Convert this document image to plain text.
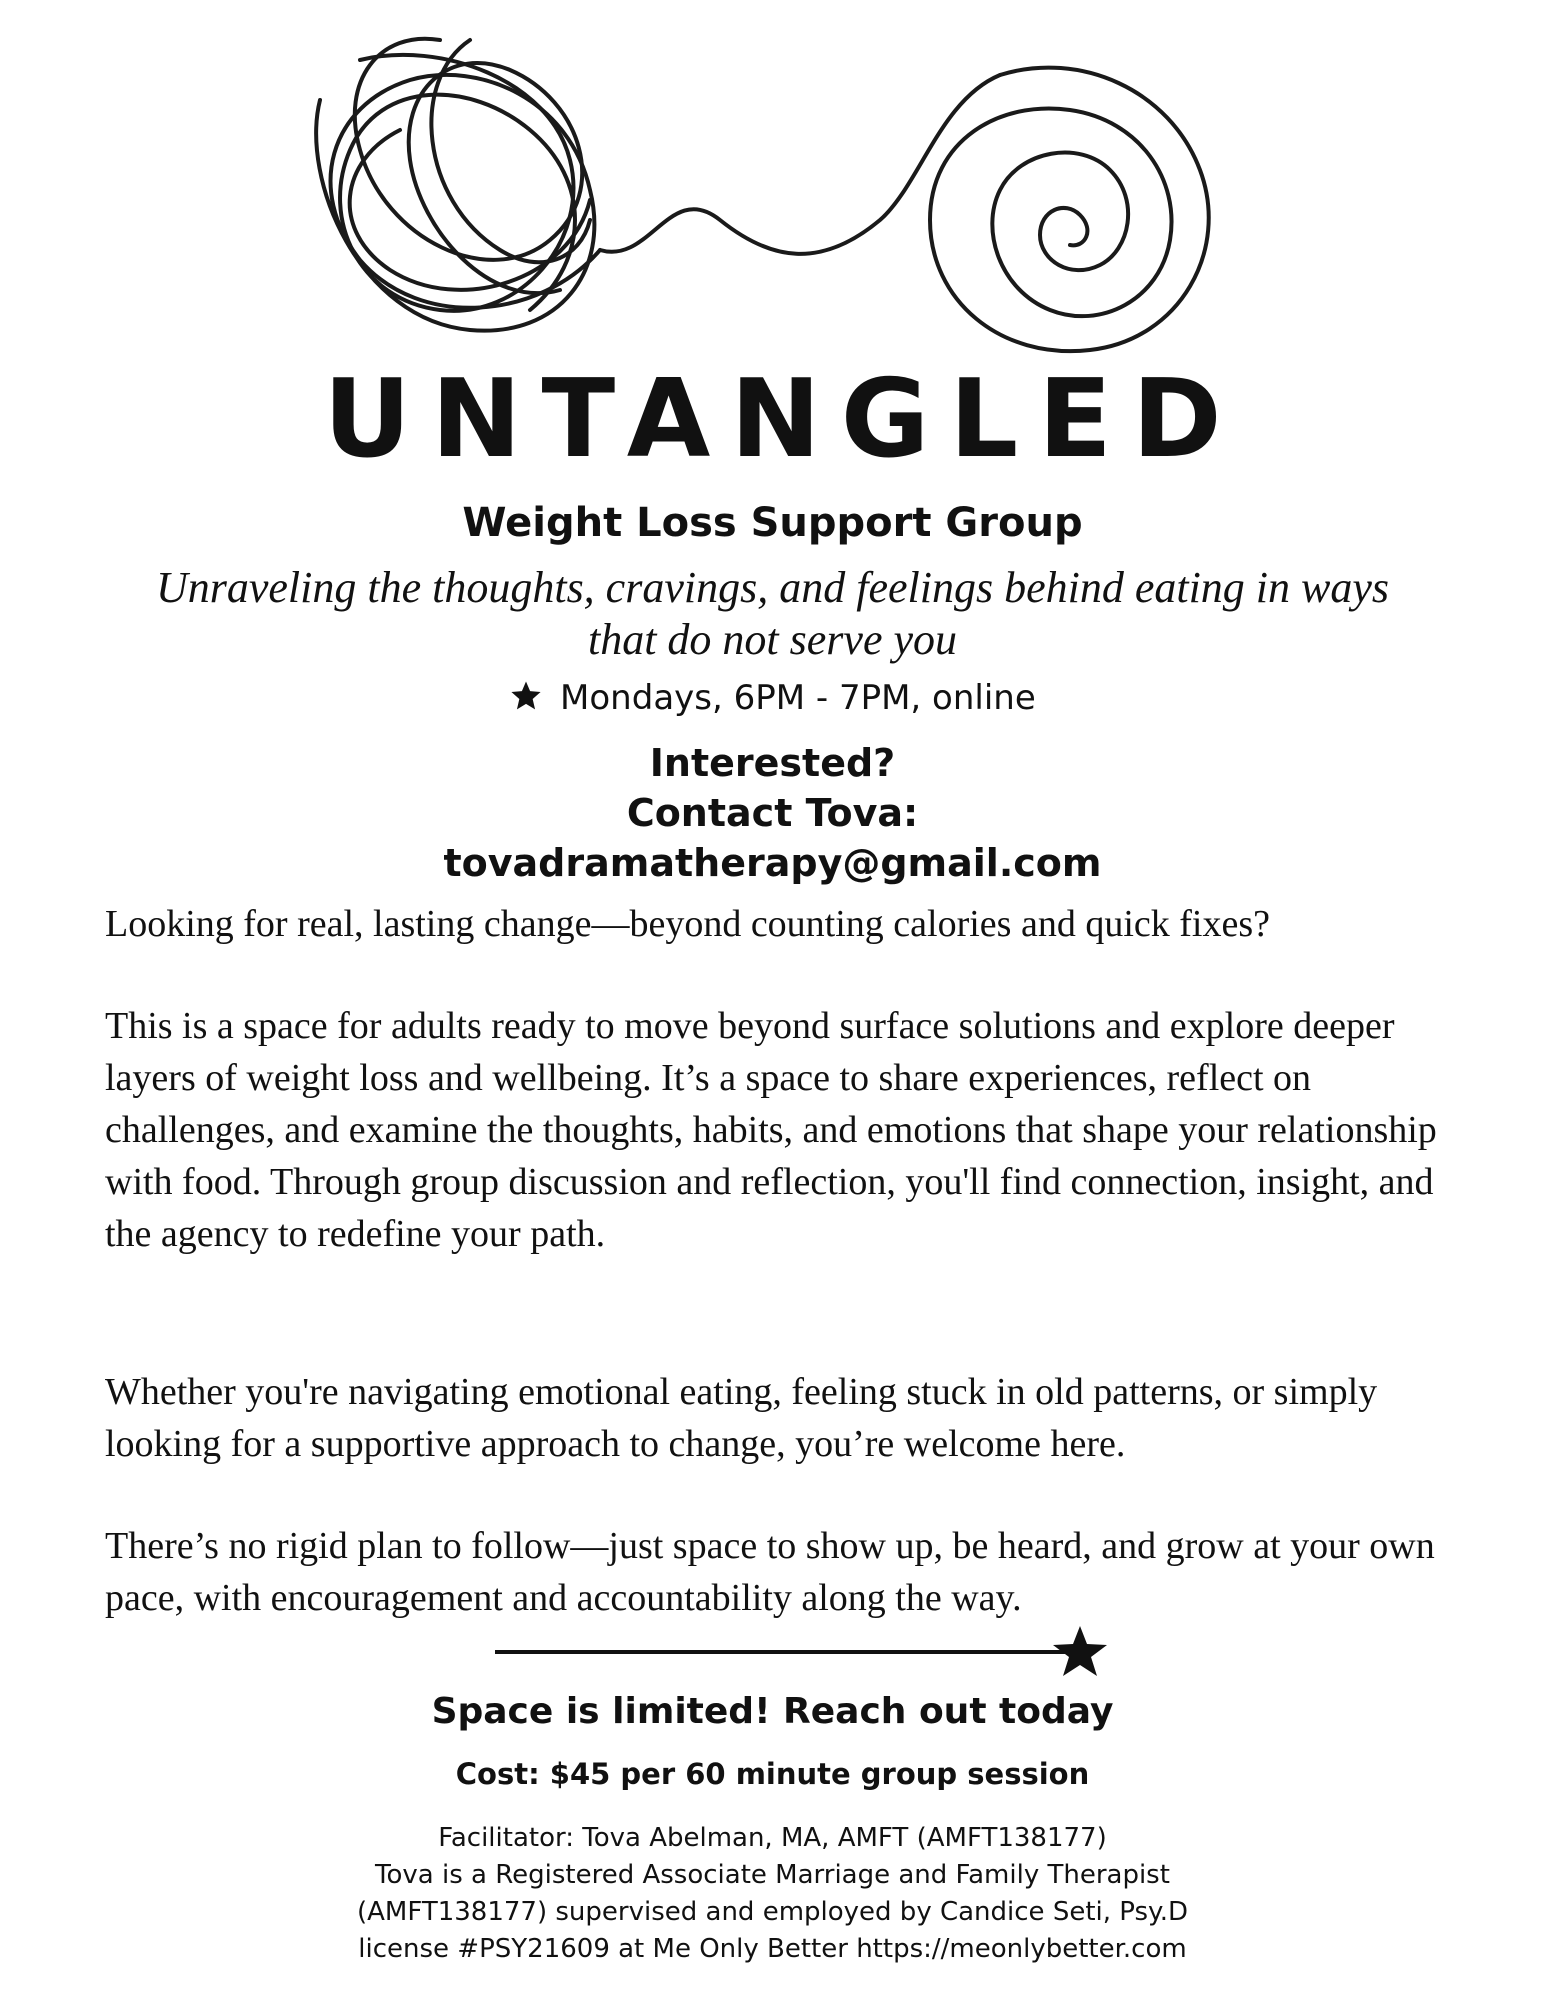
UNTANGLED
Weight Loss Support Group
Unraveling the thoughts, cravings, and feelings behind eating in ways that do not serve you
Mondays, 6PM - 7PM, online
Interested?
Contact Tova:
tovadramatherapy@gmail.com
Looking for real, lasting change—beyond counting calories and quick fixes?
This is a space for adults ready to move beyond surface solutions and explore deeper layers of weight loss and wellbeing. It’s a space to share experiences, reflect on challenges, and examine the thoughts, habits, and emotions that shape your relationship with food. Through group discussion and reflection, you'll find connection, insight, and the agency to redefine your path.
Whether you're navigating emotional eating, feeling stuck in old patterns, or simply looking for a supportive approach to change, you’re welcome here.
There’s no rigid plan to follow—just space to show up, be heard, and grow at your own pace, with encouragement and accountability along the way.
Space is limited! Reach out today
Cost: $45 per 60 minute group session
Facilitator: Tova Abelman, MA, AMFT (AMFT138177)
Tova is a Registered Associate Marriage and Family Therapist
(AMFT138177) supervised and employed by Candice Seti, Psy.D
license #PSY21609 at Me Only Better https://meonlybetter.com
